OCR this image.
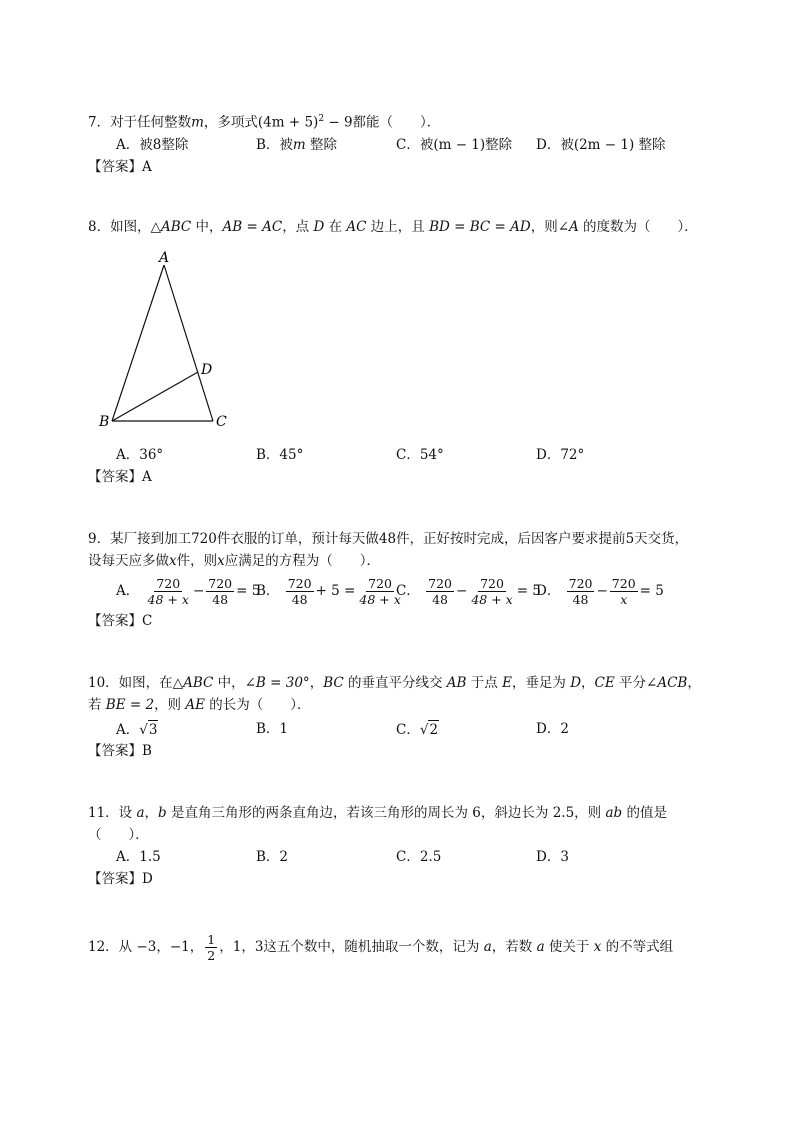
7．对于任何整数m，多项式$(4m + 5)^2 - 9$都能（　　）．
A．被8整除	B．被m 整除	C．被(m − 1)整除 D．被(2m − 1) 整除
【答案】A
8．如图，△ABC 中，AB = AC，点 D 在 AC 边上，且 BD = BC = AD，则∠A 的度数为（　　）．
A
B	C
D
A．36°	B．45°	C．54°	D．72°
【答案】A
9．某厂接到加工720件衣服的订单，预计每天做48件，正好按时完成，后因客户要求提前5天交货，
设每天应多做x件，则x应满足的方程为（　　）．
A． $\frac{720}{48 + x} - \frac{720}{48} = 5$
B． $\frac{720}{48} + 5 = \frac{720}{48 + x}$
C． $\frac{720}{48} - \frac{720}{48 + x} = 5$
D． $\frac{720}{48} - \frac{720}{x} = 5$
【答案】C
10．如图，在△ABC 中，∠B = 30°，BC 的垂直平分线交 AB 于点 E，垂足为 D，CE 平分∠ACB，
若 BE = 2，则 AE 的长为（　　）．
A．√3	B．1	C．√2	D．2
【答案】B
11．设 a，b 是直角三角形的两条直角边，若该三角形的周长为 6，斜边长为 2.5，则 ab 的值是
（　　）．
A．1.5	B．2	C．2.5	D．3
【答案】D
12．从 −3，−1， $\frac{1}{2}$ ，1，3这五个数中，随机抽取一个数，记为 a，若数 a 使关于 x 的不等式组
